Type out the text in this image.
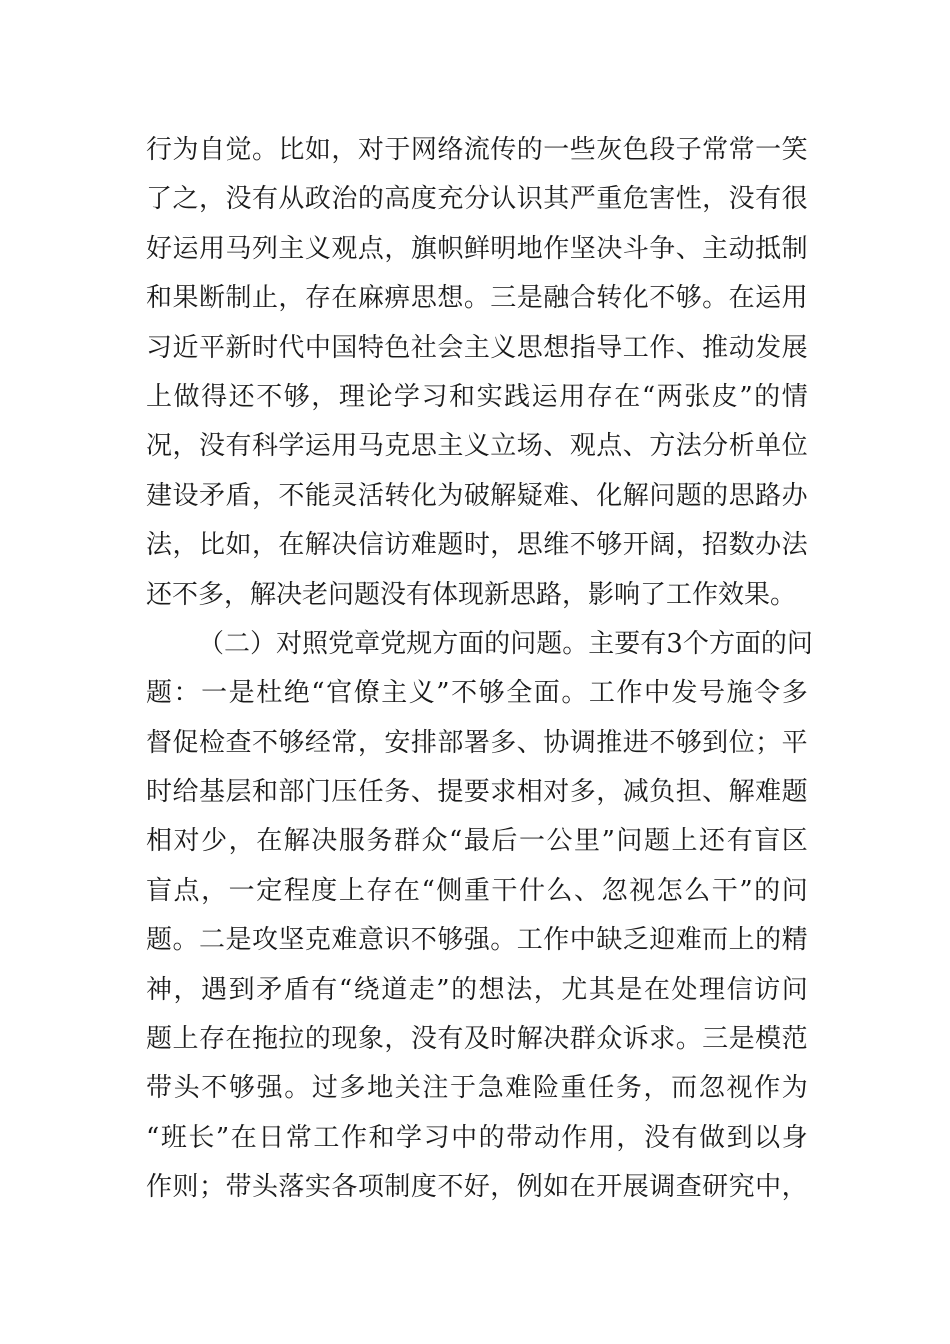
行 为 自 觉 。 比 如 ， 对 于 网 络 流 传 的 一 些 灰 色 段 子 常 常 一 笑
了 之 ， 没 有 从 政 治 的 高 度 充 分 认 识 其 严 重 危 害 性 ， 没 有 很
好 运 用 马 列 主 义 观 点 ， 旗 帜 鲜 明 地 作 坚 决 斗 争 、 主 动 抵 制
和 果 断 制 止 ， 存 在 麻 痹 思 想 。 三 是 融 合 转 化 不 够 。 在 运 用
习 近 平 新 时 代 中 国 特 色 社 会 主 义 思 想 指 导 工 作 、 推 动 发 展
上 做 得 还 不 够 ， 理 论 学 习 和 实 践 运 用 存 在 “ 两 张 皮 ” 的 情
况 ， 没 有 科 学 运 用 马 克 思 主 义 立 场 、 观 点 、 方 法 分 析 单 位
建 设 矛 盾 ， 不 能 灵 活 转 化 为 破 解 疑 难 、 化 解 问 题 的 思 路 办
法 ， 比 如 ， 在 解 决 信 访 难 题 时 ， 思 维 不 够 开 阔 ， 招 数 办 法
还不多，解决老问题没有体现新思路，影响了工作效果。
（ 二 ） 对 照 党 章 党 规 方 面 的 问 题 。 主 要 有 3 个 方 面 的 问
题 ： 一 是 杜 绝 “ 官 僚 主 义 ” 不 够 全 面 。 工 作 中 发 号 施 令 多
督 促 检 查 不 够 经 常 ， 安 排 部 署 多 、 协 调 推 进 不 够 到 位 ； 平
时 给 基 层 和 部 门 压 任 务 、 提 要 求 相 对 多 ， 减 负 担 、 解 难 题
相 对 少 ， 在 解 决 服 务 群 众 “ 最 后 一 公 里 ” 问 题 上 还 有 盲 区
盲 点 ， 一 定 程 度 上 存 在 “ 侧 重 干 什 么 、 忽 视 怎 么 干 ” 的 问
题 。 二 是 攻 坚 克 难 意 识 不 够 强 。 工 作 中 缺 乏 迎 难 而 上 的 精
神 ， 遇 到 矛 盾 有 “ 绕 道 走 ” 的 想 法 ， 尤 其 是 在 处 理 信 访 问
题 上 存 在 拖 拉 的 现 象 ， 没 有 及 时 解 决 群 众 诉 求 。 三 是 模 范
带 头 不 够 强 。 过 多 地 关 注 于 急 难 险 重 任 务 ， 而 忽 视 作 为
“ 班 长 ” 在 日 常 工 作 和 学 习 中 的 带 动 作 用 ， 没 有 做 到 以 身
作 则 ； 带 头 落 实 各 项 制 度 不 好 ， 例 如 在 开 展 调 查 研 究 中 ，
